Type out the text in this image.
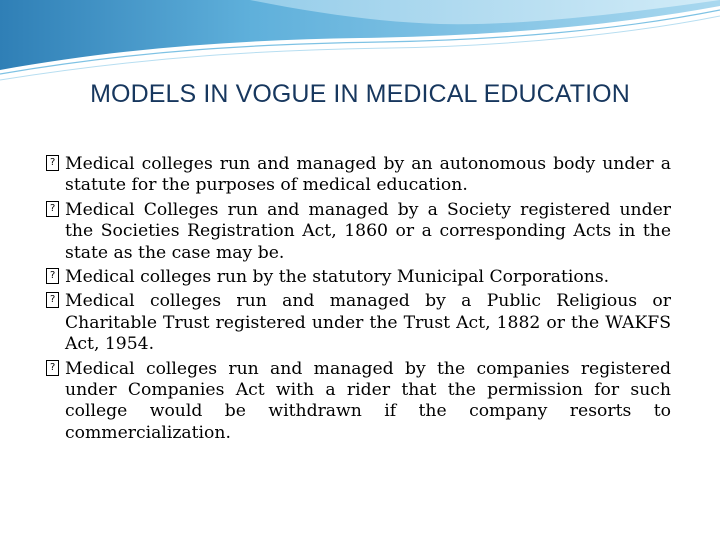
MODELS IN VOGUE IN MEDICAL EDUCATION
? Medical colleges run and managed by an autonomous body under a statute for the purposes of medical education.
? Medical Colleges run and managed by a Society registered under the Societies Registration Act, 1860 or a corresponding Acts in the state as the case may be.
? Medical colleges run by the statutory Municipal Corporations.
? Medical colleges run and managed by a Public Religious or Charitable Trust registered under the Trust Act, 1882 or the WAKFS Act, 1954.
? Medical colleges run and managed by the companies registered under Companies Act with a rider that the permission for such college would be withdrawn if the company resorts to commercialization.
